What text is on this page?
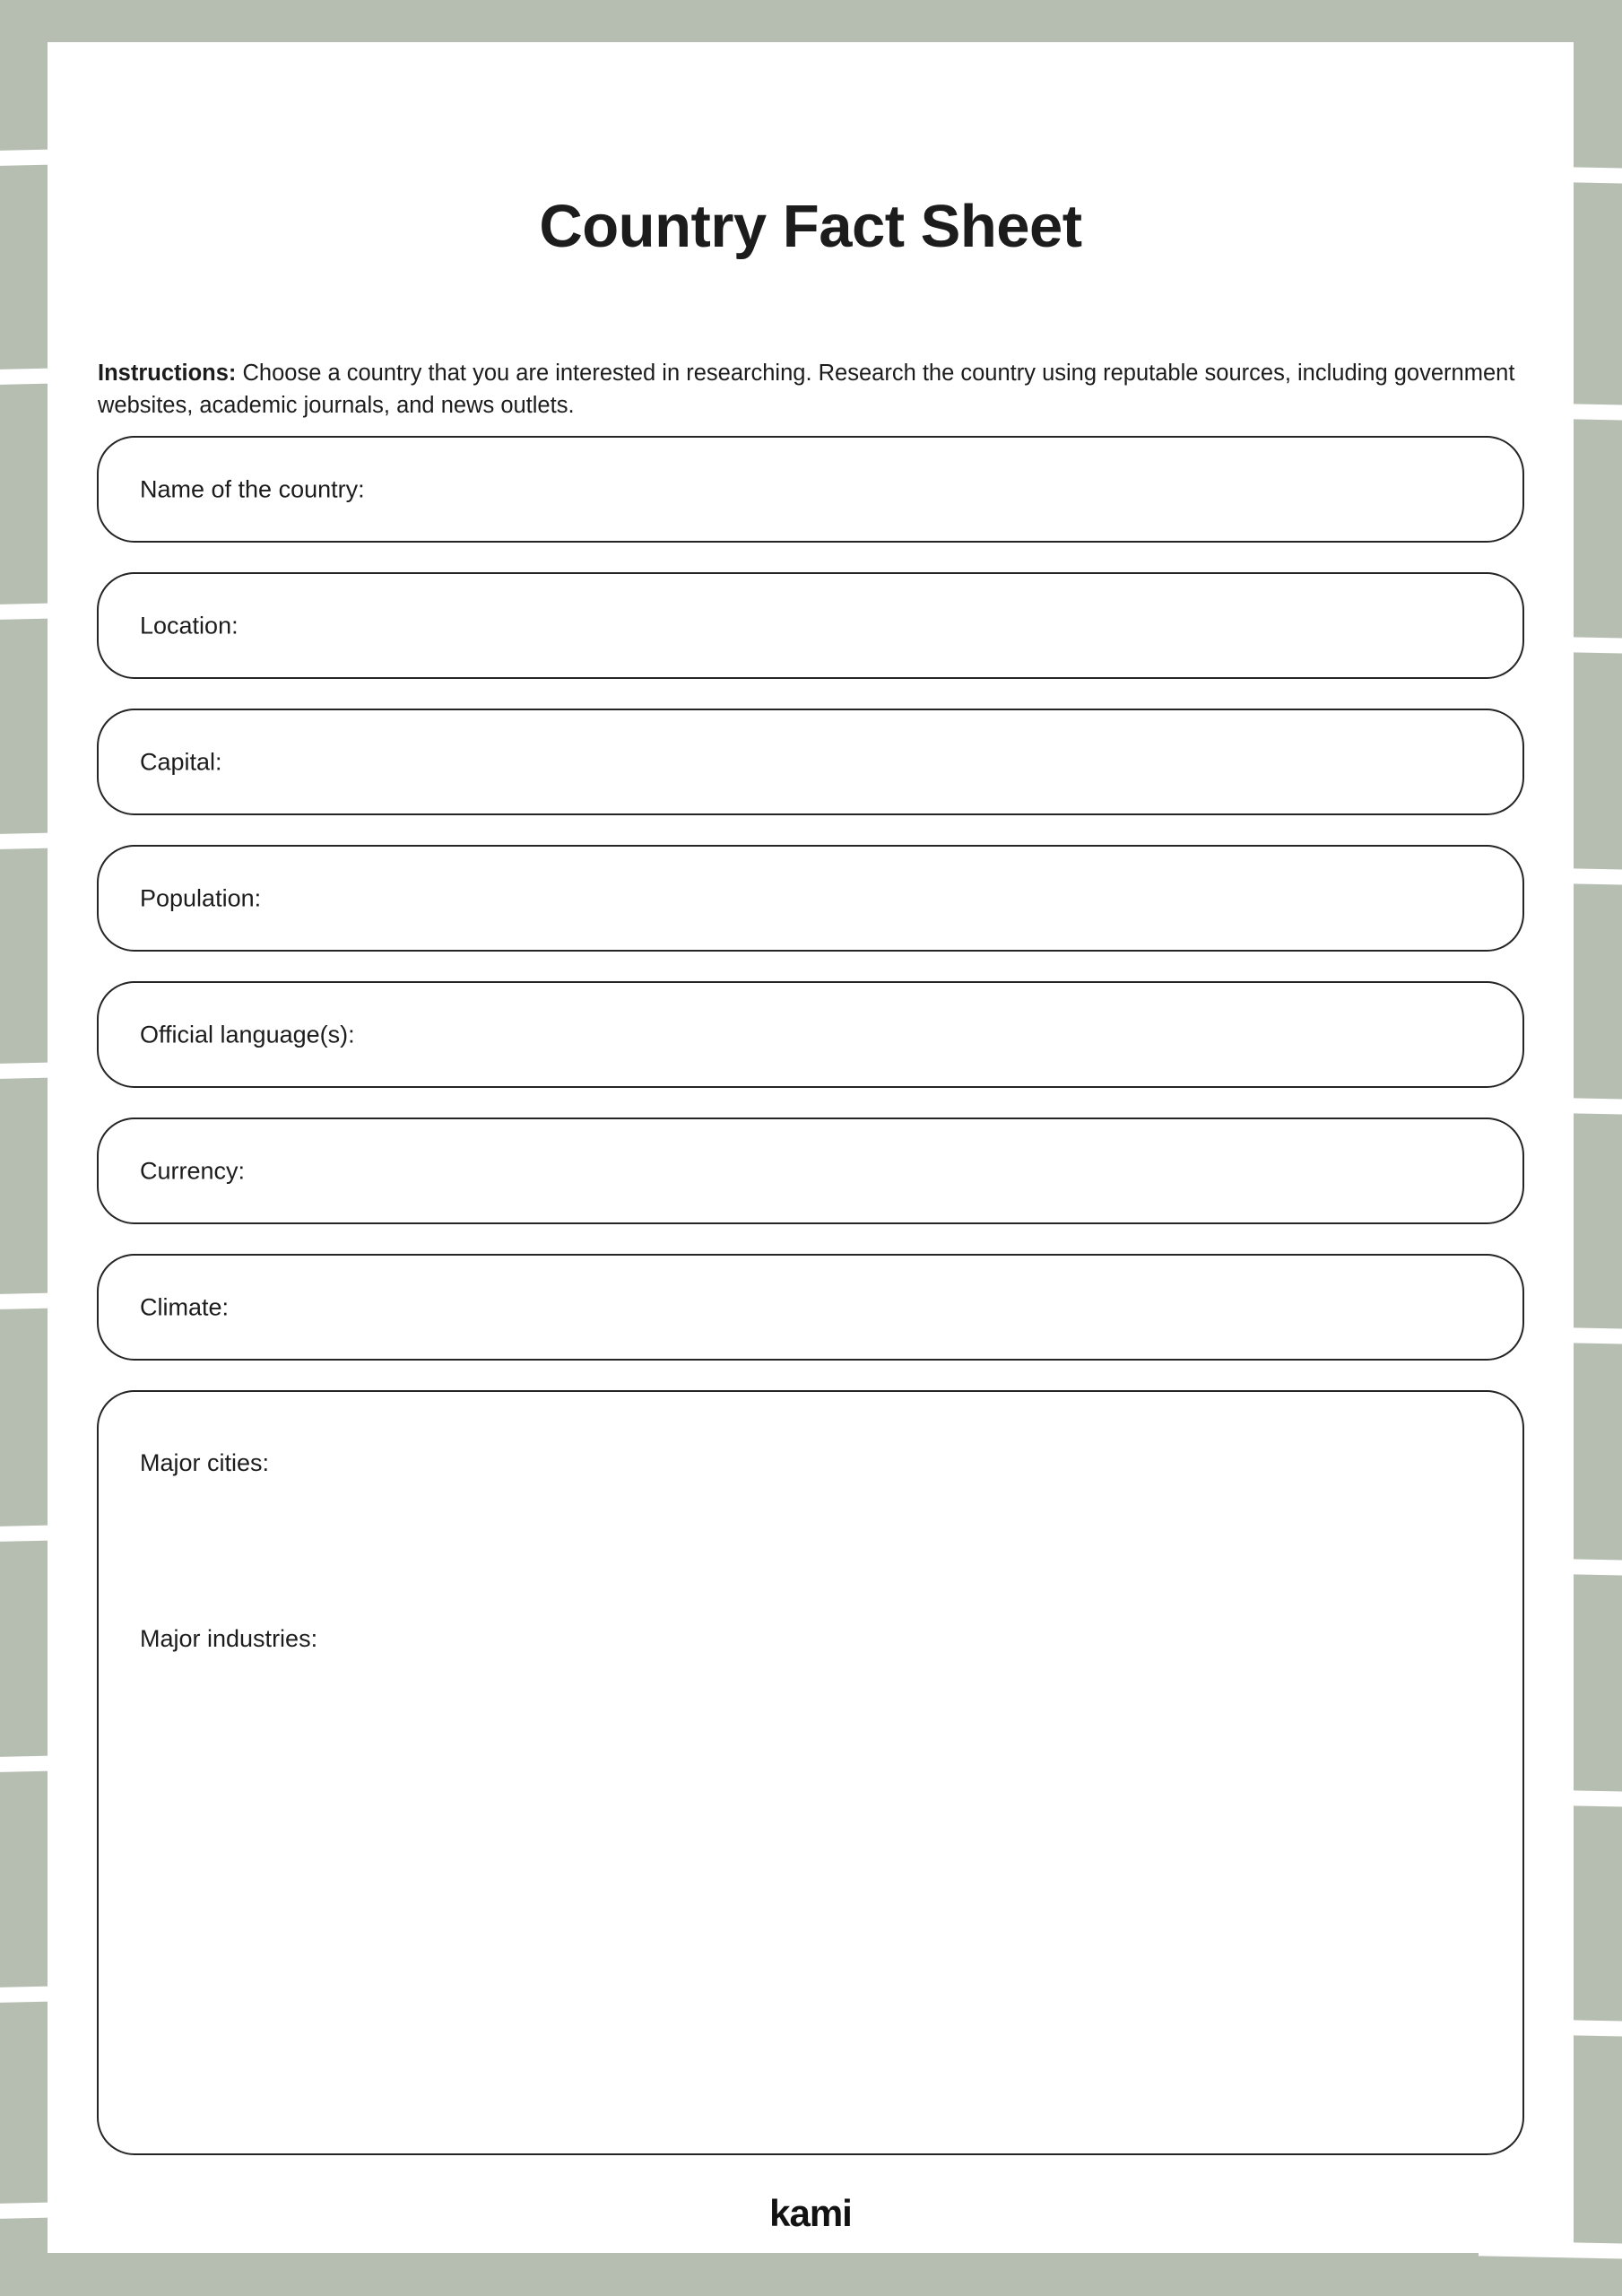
Country Fact Sheet

Instructions: Choose a country that you are interested in researching. Research the country using reputable sources, including government websites, academic journals, and news outlets.

Name of the country:
Location:
Capital:
Population:
Official language(s):
Currency:
Climate:
Major cities:
Major industries:
kami
